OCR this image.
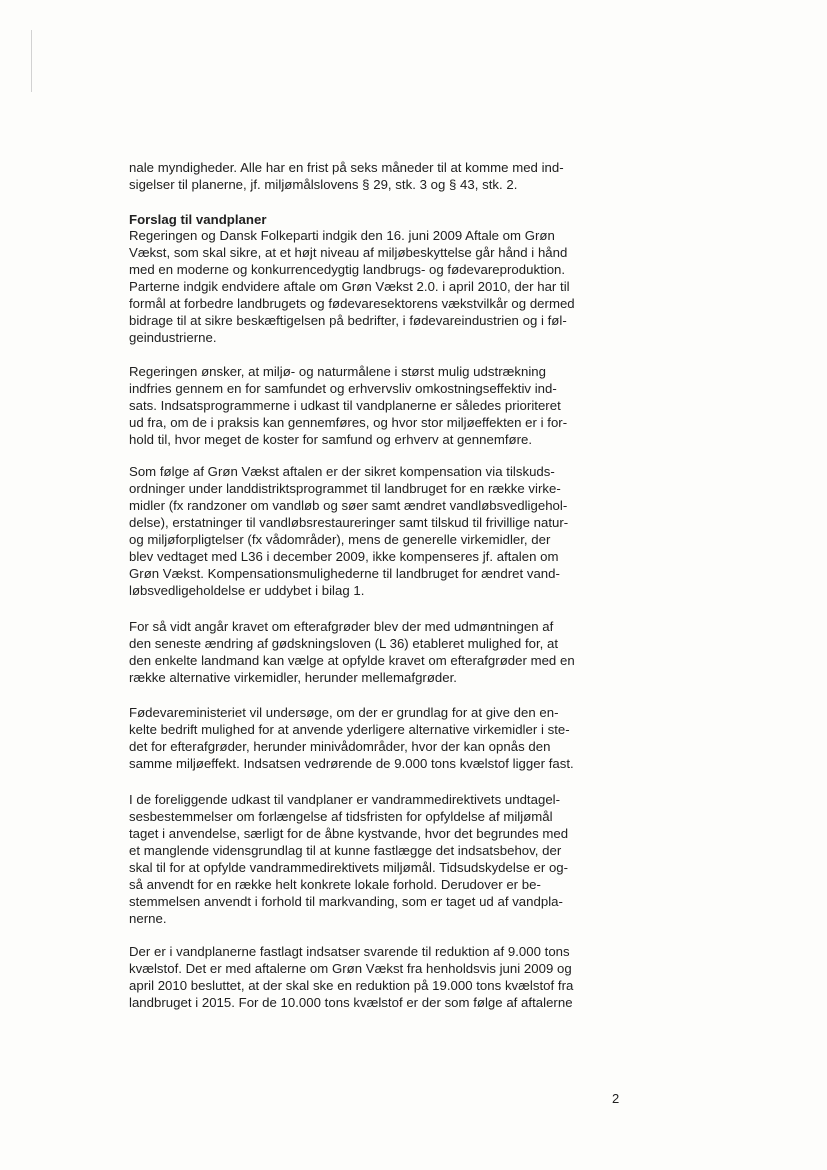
nale myndigheder. Alle har en frist på seks måneder til at komme med ind-
sigelser til planerne, jf. miljømålslovens § 29, stk. 3 og § 43, stk. 2.
Forslag til vandplaner
Regeringen og Dansk Folkeparti indgik den 16. juni 2009 Aftale om Grøn
Vækst, som skal sikre, at et højt niveau af miljøbeskyttelse går hånd i hånd
med en moderne og konkurrencedygtig landbrugs- og fødevareproduktion.
Parterne indgik endvidere aftale om Grøn Vækst 2.0. i april 2010, der har til
formål at forbedre landbrugets og fødevaresektorens vækstvilkår og dermed
bidrage til at sikre beskæftigelsen på bedrifter, i fødevareindustrien og i føl-
geindustrierne.
Regeringen ønsker, at miljø- og naturmålene i størst mulig udstrækning
indfries gennem en for samfundet og erhvervsliv omkostningseffektiv ind-
sats. Indsatsprogrammerne i udkast til vandplanerne er således prioriteret
ud fra, om de i praksis kan gennemføres, og hvor stor miljøeffekten er i for-
hold til, hvor meget de koster for samfund og erhverv at gennemføre.
Som følge af Grøn Vækst aftalen er der sikret kompensation via tilskuds-
ordninger under landdistriktsprogrammet til landbruget for en række virke-
midler (fx randzoner om vandløb og søer samt ændret vandløbsvedligehol-
delse), erstatninger til vandløbsrestaureringer samt tilskud til frivillige natur-
og miljøforpligtelser (fx vådområder), mens de generelle virkemidler, der
blev vedtaget med L36 i december 2009, ikke kompenseres jf. aftalen om
Grøn Vækst. Kompensationsmulighederne til landbruget for ændret vand-
løbsvedligeholdelse er uddybet i bilag 1.
For så vidt angår kravet om efterafgrøder blev der med udmøntningen af
den seneste ændring af gødskningsloven (L 36) etableret mulighed for, at
den enkelte landmand kan vælge at opfylde kravet om efterafgrøder med en
række alternative virkemidler, herunder mellemafgrøder.
Fødevareministeriet vil undersøge, om der er grundlag for at give den en-
kelte bedrift mulighed for at anvende yderligere alternative virkemidler i ste-
det for efterafgrøder, herunder minivådområder, hvor der kan opnås den
samme miljøeffekt. Indsatsen vedrørende de 9.000 tons kvælstof ligger fast.
I de foreliggende udkast til vandplaner er vandrammedirektivets undtagel-
sesbestemmelser om forlængelse af tidsfristen for opfyldelse af miljømål
taget i anvendelse, særligt for de åbne kystvande, hvor det begrundes med
et manglende vidensgrundlag til at kunne fastlægge det indsatsbehov, der
skal til for at opfylde vandrammedirektivets miljømål. Tidsudskydelse er og-
så anvendt for en række helt konkrete lokale forhold. Derudover er be-
stemmelsen anvendt i forhold til markvanding, som er taget ud af vandpla-
nerne.
Der er i vandplanerne fastlagt indsatser svarende til reduktion af 9.000 tons
kvælstof. Det er med aftalerne om Grøn Vækst fra henholdsvis juni 2009 og
april 2010 besluttet, at der skal ske en reduktion på 19.000 tons kvælstof fra
landbruget i 2015. For de 10.000 tons kvælstof er der som følge af aftalerne
2
